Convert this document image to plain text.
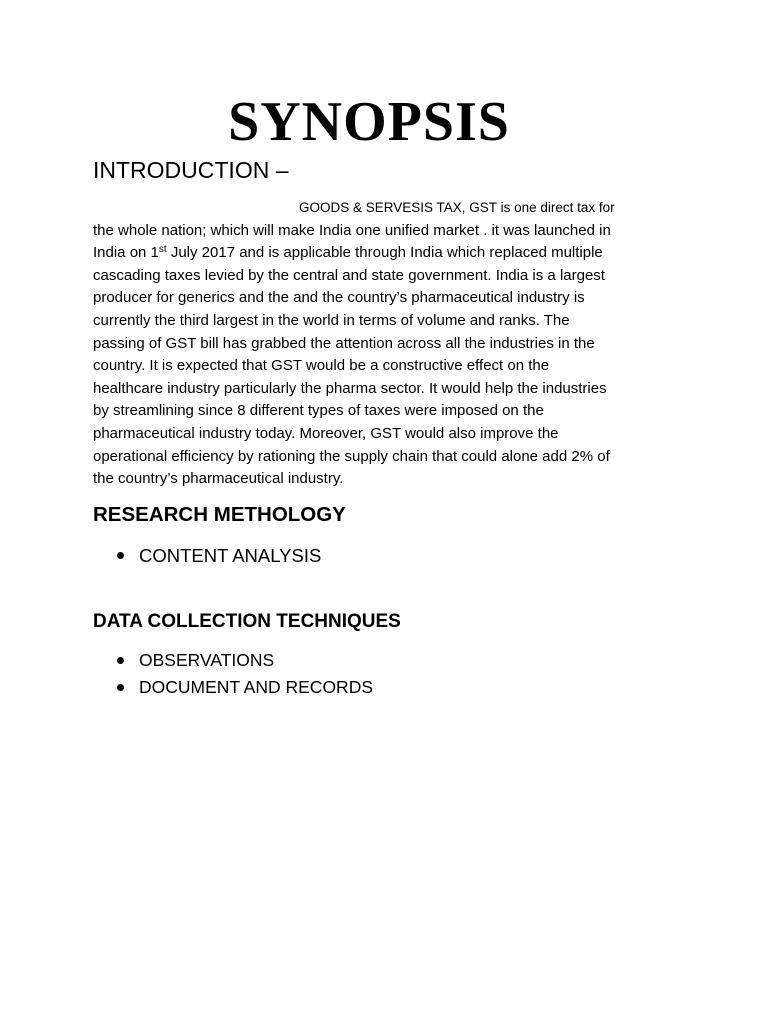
SYNOPSIS
INTRODUCTION –

GOODS & SERVESIS TAX, GST is one direct tax for
the whole nation; which will make India one unified market . it was launched in
India on 1st July 2017 and is applicable through India which replaced multiple
cascading taxes levied by the central and state government. India is a largest
producer for generics and the and the country’s pharmaceutical industry is
currently the third largest in the world in terms of volume and ranks. The
passing of GST bill has grabbed the attention across all the industries in the
country. It is expected that GST would be a constructive effect on the
healthcare industry particularly the pharma sector. It would help the industries
by streamlining since 8 different types of taxes were imposed on the
pharmaceutical industry today. Moreover, GST would also improve the
operational efficiency by rationing the supply chain that could alone add 2% of
the country’s pharmaceutical industry.

RESEARCH METHOLOGY
CONTENT ANALYSIS
DATA COLLECTION TECHNIQUES
OBSERVATIONS
DOCUMENT AND RECORDS
